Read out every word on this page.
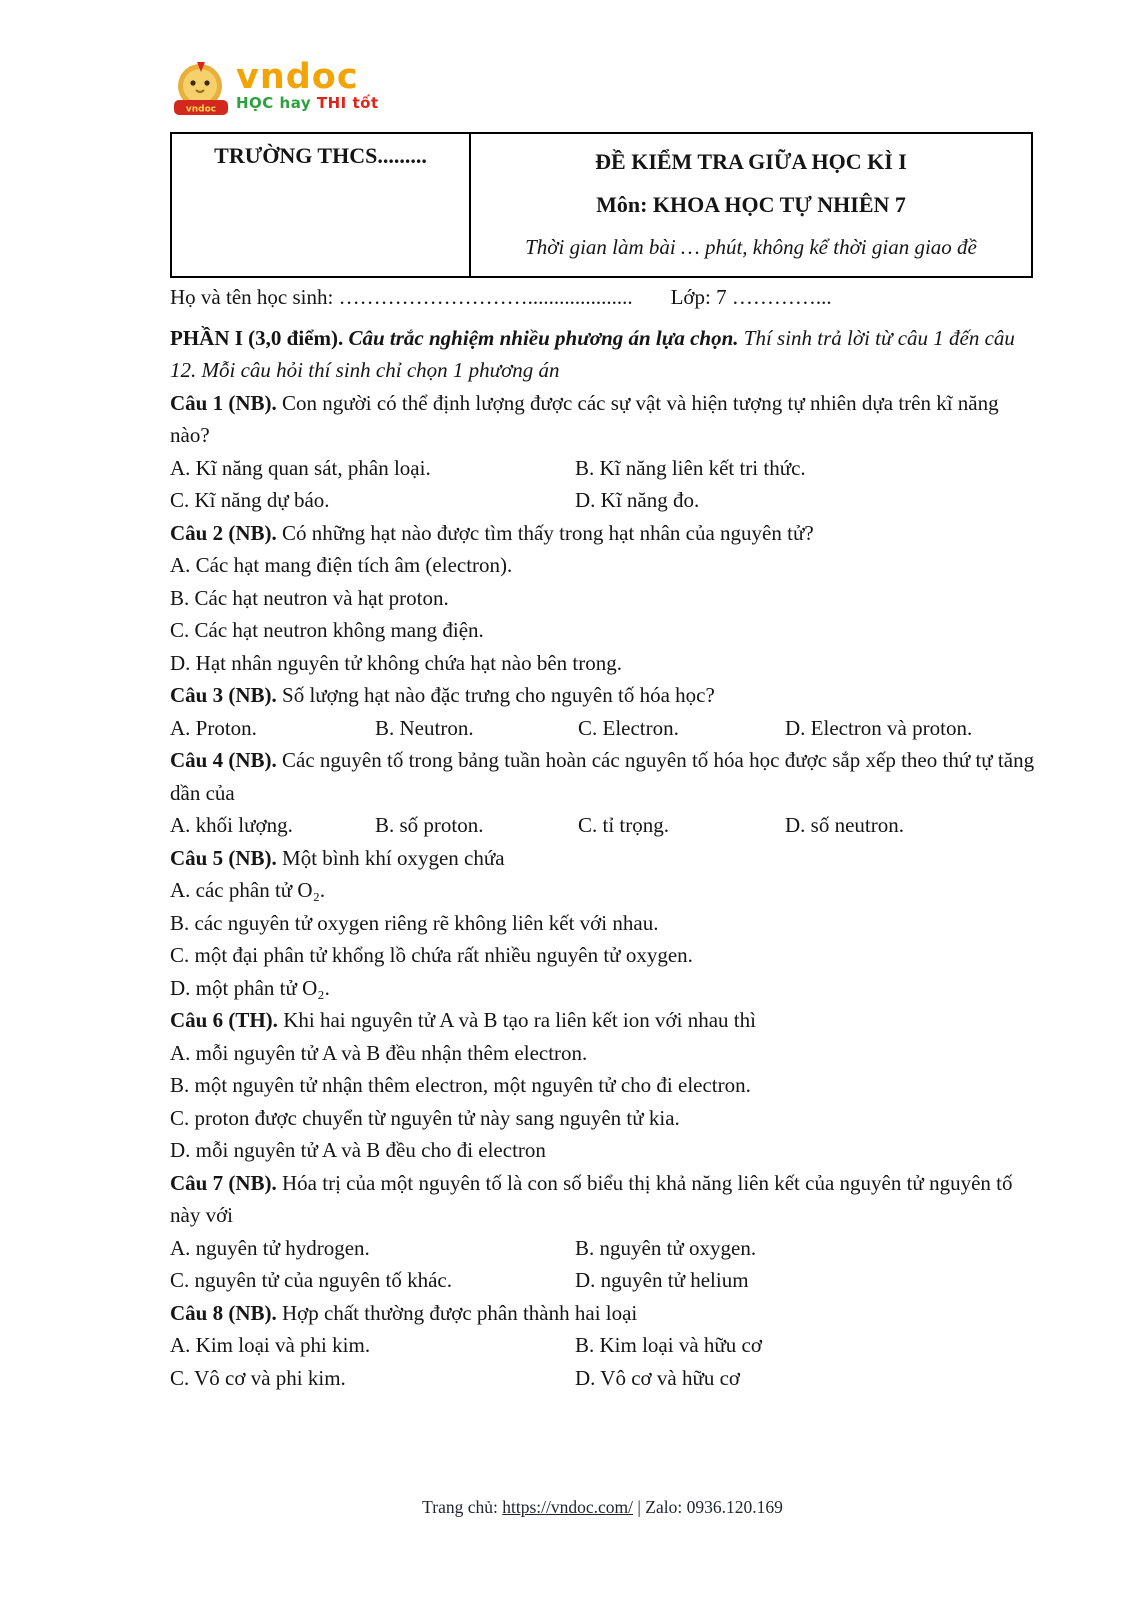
vndoc
vndoc
HỌC hay THI tốt
TRƯỜNG THCS.........	ĐỀ KIỂM TRA GIỮA HỌC KÌ I
Môn: KHOA HỌC TỰ NHIÊN 7
Thời gian làm bài … phút, không kể thời gian giao đề

Họ và tên học sinh: ……………………….................... Lớp: 7 …………...

PHẦN I (3,0 điểm). Câu trắc nghiệm nhiều phương án lựa chọn. Thí sinh trả lời từ câu 1 đến câu 12. Mỗi câu hỏi thí sinh chỉ chọn 1 phương án

Câu 1 (NB). Con người có thể định lượng được các sự vật và hiện tượng tự nhiên dựa trên kĩ năng nào?

A. Kĩ năng quan sát, phân loại.	B. Kĩ năng liên kết tri thức.
C. Kĩ năng dự báo.	D. Kĩ năng đo.

Câu 2 (NB). Có những hạt nào được tìm thấy trong hạt nhân của nguyên tử?

A. Các hạt mang điện tích âm (electron).
B. Các hạt neutron và hạt proton.
C. Các hạt neutron không mang điện.
D. Hạt nhân nguyên tử không chứa hạt nào bên trong.

Câu 3 (NB). Số lượng hạt nào đặc trưng cho nguyên tố hóa học?

A. Proton.	B. Neutron.	C. Electron.	D. Electron và proton.

Câu 4 (NB). Các nguyên tố trong bảng tuần hoàn các nguyên tố hóa học được sắp xếp theo thứ tự tăng dần của

A. khối lượng.	B. số proton.	C. tỉ trọng.	D. số neutron.

Câu 5 (NB). Một bình khí oxygen chứa

A. các phân tử O₂.
B. các nguyên tử oxygen riêng rẽ không liên kết với nhau.
C. một đại phân tử khổng lồ chứa rất nhiều nguyên tử oxygen.
D. một phân tử O₂.

Câu 6 (TH). Khi hai nguyên tử A và B tạo ra liên kết ion với nhau thì

A. mỗi nguyên tử A và B đều nhận thêm electron.
B. một nguyên tử nhận thêm electron, một nguyên tử cho đi electron.
C. proton được chuyển từ nguyên tử này sang nguyên tử kia.
D. mỗi nguyên tử A và B đều cho đi electron

Câu 7 (NB). Hóa trị của một nguyên tố là con số biểu thị khả năng liên kết của nguyên tử nguyên tố này với

A. nguyên tử hydrogen.	B. nguyên tử oxygen.
C. nguyên tử của nguyên tố khác.	D. nguyên tử helium

Câu 8 (NB). Hợp chất thường được phân thành hai loại

A. Kim loại và phi kim.	B. Kim loại và hữu cơ
C. Vô cơ và phi kim.	D. Vô cơ và hữu cơ
Trang chủ: https://vndoc.com/ | Zalo: 0936.120.169
